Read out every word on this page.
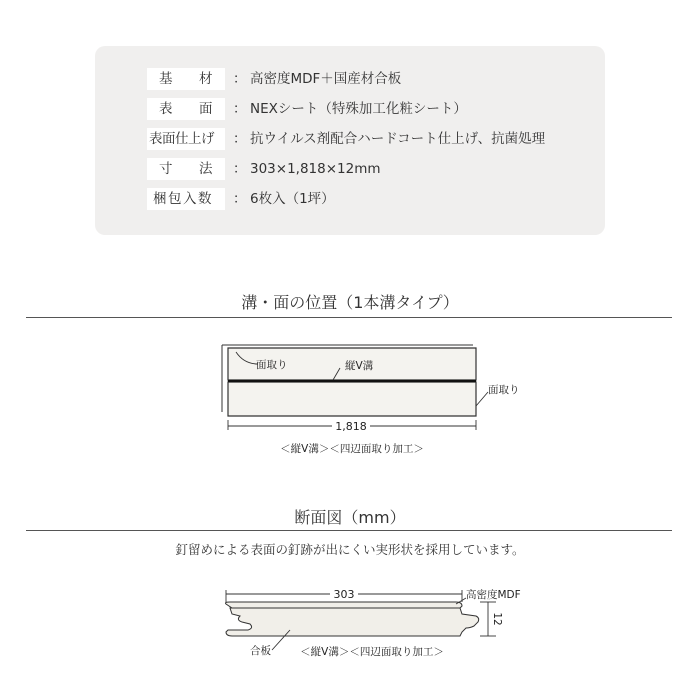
基 材 ： 高密度MDF＋国産材合板
表 面 ： NEXシート（特殊加工化粧シート）
表面仕上げ ： 抗ウイルス剤配合ハードコート仕上げ、抗菌処理
寸 法 ： 303×1,818×12mm
梱包入数 ： 6枚入（1坪）
溝・面の位置（1本溝タイプ）
面取り	縦V溝
面取り
1,818
＜縦V溝＞＜四辺面取り加工＞
断面図（mm）
釘留めによる表面の釘跡が出にくい実形状を採用しています。
303
12
高密度MDF
合板	＜縦V溝＞＜四辺面取り加工＞
